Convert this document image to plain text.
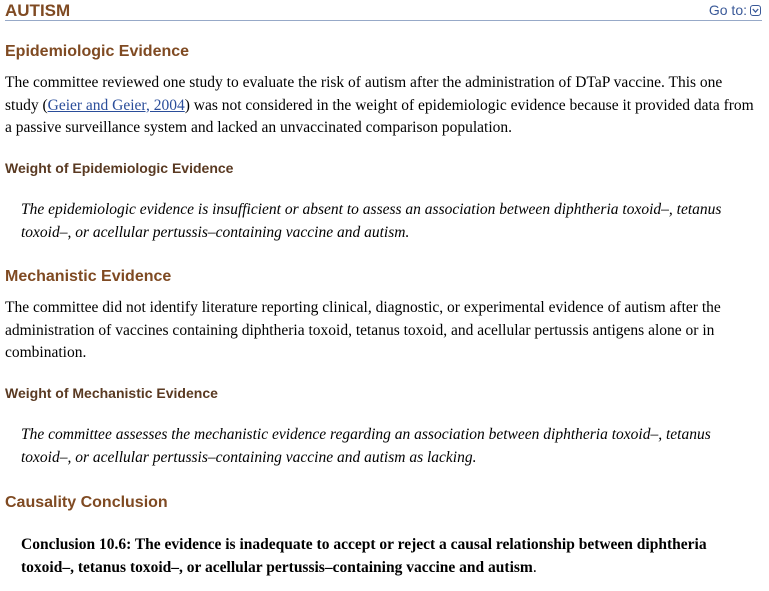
AUTISM	Go to:
Epidemiologic Evidence

The committee reviewed one study to evaluate the risk of autism after the administration of DTaP vaccine. This one study (Geier and Geier, 2004) was not considered in the weight of epidemiologic evidence because it provided data from a passive surveillance system and lacked an unvaccinated comparison population.

Weight of Epidemiologic Evidence

The epidemiologic evidence is insufficient or absent to assess an association between diphtheria toxoid–, tetanus toxoid–, or acellular pertussis–containing vaccine and autism.

Mechanistic Evidence

The committee did not identify literature reporting clinical, diagnostic, or experimental evidence of autism after the administration of vaccines containing diphtheria toxoid, tetanus toxoid, and acellular pertussis antigens alone or in combination.

Weight of Mechanistic Evidence

The committee assesses the mechanistic evidence regarding an association between diphtheria toxoid–, tetanus toxoid–, or acellular pertussis–containing vaccine and autism as lacking.

Causality Conclusion

Conclusion 10.6: The evidence is inadequate to accept or reject a causal relationship between diphtheria toxoid–, tetanus toxoid–, or acellular pertussis–containing vaccine and autism.
